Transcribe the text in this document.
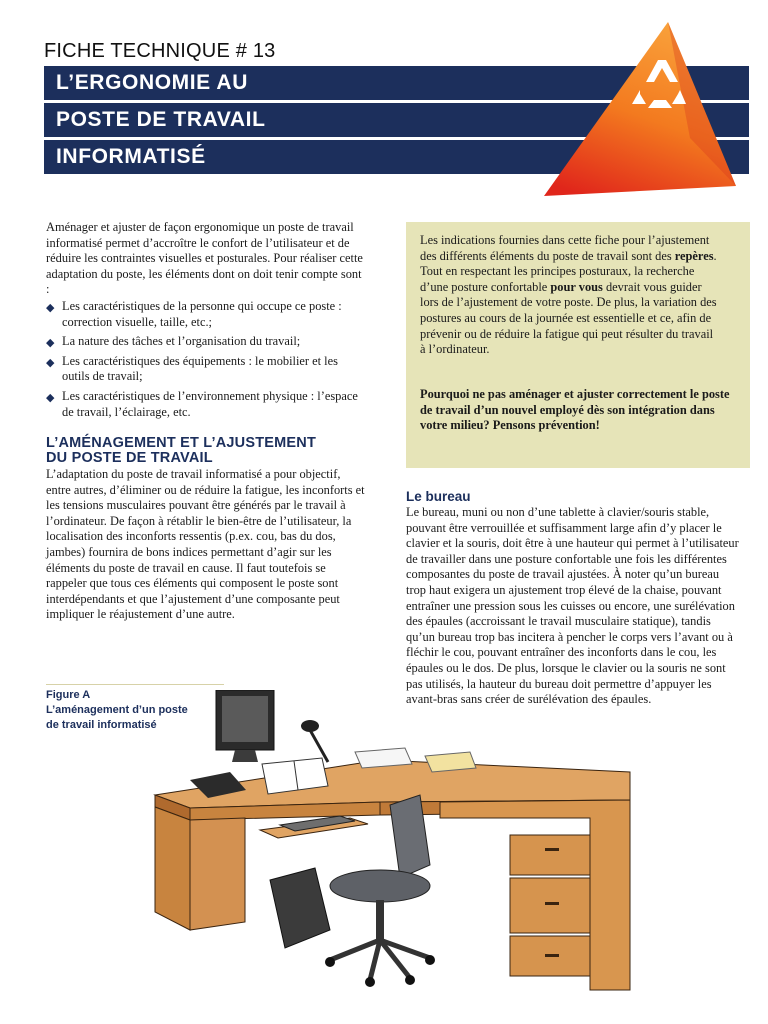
FICHE TECHNIQUE # 13
L’ERGONOMIE AU
POSTE DE TRAVAIL
INFORMATISÉ
Aménager et ajuster de façon ergonomique un poste de travail informatisé permet d’accroître le confort de l’utilisateur et de réduire les contraintes visuelles et posturales. Pour réaliser cette adaptation du poste, les éléments dont on doit tenir compte sont :
◆ Les caractéristiques de la personne qui occupe ce poste : correction visuelle, taille, etc.;
◆ La nature des tâches et l’organisation du travail;
◆ Les caractéristiques des équipements : le mobilier et les outils de travail;
◆ Les caractéristiques de l’environnement physique : l’espace de travail, l’éclairage, etc.
L’AMÉNAGEMENT ET L’AJUSTEMENT
DU POSTE DE TRAVAIL
L’adaptation du poste de travail informatisé a pour objectif, entre autres, d’éliminer ou de réduire la fatigue, les inconforts et les tensions musculaires pouvant être générés par le travail à l’ordinateur. De façon à rétablir le bien-être de l’utilisateur, la localisation des inconforts ressentis (p.ex. cou, bas du dos, jambes) fournira de bons indices permettant d’agir sur les éléments du poste de travail en cause. Il faut toutefois se rappeler que tous ces éléments qui composent le poste sont interdépendants et que l’ajustement d’une composante peut impliquer le réajustement d’une autre.
Les indications fournies dans cette fiche pour l’ajustement des différents éléments du poste de travail sont des repères. Tout en respectant les principes posturaux, la recherche d’une posture confortable pour vous devrait vous guider lors de l’ajustement de votre poste. De plus, la variation des postures au cours de la journée est essentielle et ce, afin de prévenir ou de réduire la fatigue qui peut résulter du travail à l’ordinateur.
Pourquoi ne pas aménager et ajuster correctement le poste de travail d’un nouvel employé dès son intégration dans votre milieu? Pensons prévention!
Le bureau
Le bureau, muni ou non d’une tablette à clavier/souris stable, pouvant être verrouillée et suffisamment large afin d’y placer le clavier et la souris, doit être à une hauteur qui permet à l’utilisateur de travailler dans une posture confortable une fois les différentes composantes du poste de travail ajustées. À noter qu’un bureau trop haut exigera un ajustement trop élevé de la chaise, pouvant entraîner une pression sous les cuisses ou encore, une surélévation des épaules (accroissant le travail musculaire statique), tandis qu’un bureau trop bas incitera à pencher le corps vers l’avant ou à fléchir le cou, pouvant entraîner des inconforts dans le cou, les épaules ou le dos. De plus, lorsque le clavier ou la souris ne sont pas utilisés, la hauteur du bureau doit permettre d’appuyer les avant-bras sans créer de surélévation des épaules.
Figure A
L’aménagement d’un poste
de travail informatisé
